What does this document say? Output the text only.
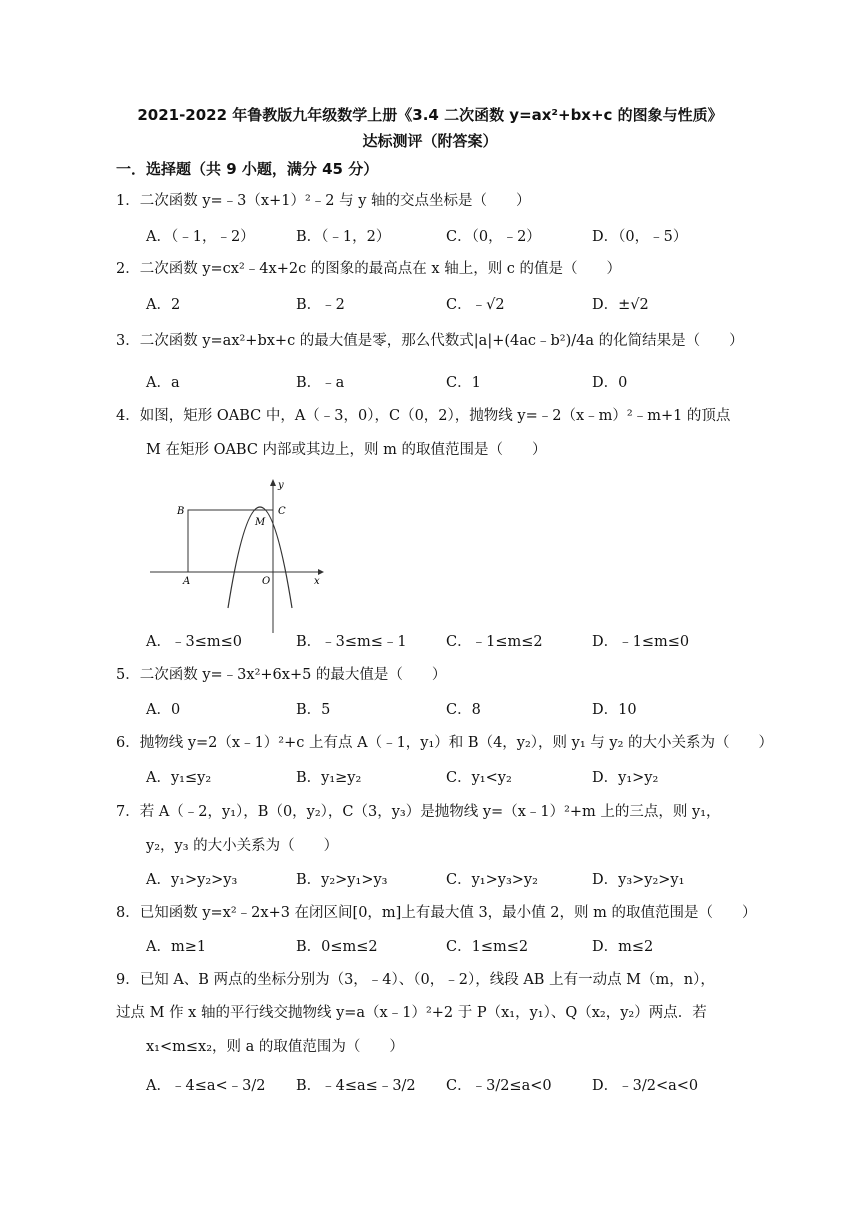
2021-2022 年鲁教版九年级数学上册《3.4 二次函数 y=ax²+bx+c 的图象与性质》
达标测评（附答案）
一．选择题（共 9 小题，满分 45 分）
1．二次函数 y=﹣3（x+1）²﹣2 与 y 轴的交点坐标是（　　）
A．（﹣1，﹣2）	B．（﹣1，2）	C．（0，﹣2）	D．（0，﹣5）
2．二次函数 y=cx²﹣4x+2c 的图象的最高点在 x 轴上，则 c 的值是（　　）
A．2	B．﹣2	C．﹣√2	D．±√2
3．二次函数 y=ax²+bx+c 的最大值是零，那么代数式|a|+(4ac﹣b²)/4a 的化简结果是（　　）
A．a	B．﹣a	C．1	D．0
4．如图，矩形 OABC 中，A（﹣3，0），C（0，2），抛物线 y=﹣2（x﹣m）²﹣m+1 的顶点
M 在矩形 OABC 内部或其边上，则 m 的取值范围是（　　）
B	C
M
A	O	x
y
A．﹣3≤m≤0	B．﹣3≤m≤﹣1	C．﹣1≤m≤2	D．﹣1≤m≤0
5．二次函数 y=﹣3x²+6x+5 的最大值是（　　）
A．0	B．5	C．8	D．10
6．抛物线 y=2（x﹣1）²+c 上有点 A（﹣1，y₁）和 B（4，y₂），则 y₁ 与 y₂ 的大小关系为（　　）
A．y₁≤y₂	B．y₁≥y₂	C．y₁<y₂	D．y₁>y₂
7．若 A（﹣2，y₁），B（0，y₂），C（3，y₃）是抛物线 y=（x﹣1）²+m 上的三点，则 y₁，
y₂，y₃ 的大小关系为（　　）
A．y₁>y₂>y₃	B．y₂>y₁>y₃	C．y₁>y₃>y₂	D．y₃>y₂>y₁
8．已知函数 y=x²﹣2x+3 在闭区间[0，m]上有最大值 3，最小值 2，则 m 的取值范围是（　　）
A．m≥1	B．0≤m≤2	C．1≤m≤2	D．m≤2
9．已知 A、B 两点的坐标分别为（3，﹣4）、（0，﹣2），线段 AB 上有一动点 M（m，n），
过点 M 作 x 轴的平行线交抛物线 y=a（x﹣1）²+2 于 P（x₁，y₁）、Q（x₂，y₂）两点．若
x₁<m≤x₂，则 a 的取值范围为（　　）
A．﹣4≤a<﹣3/2 B．﹣4≤a≤﹣3/2 C．﹣3/2≤a<0	D．﹣3/2<a<0
